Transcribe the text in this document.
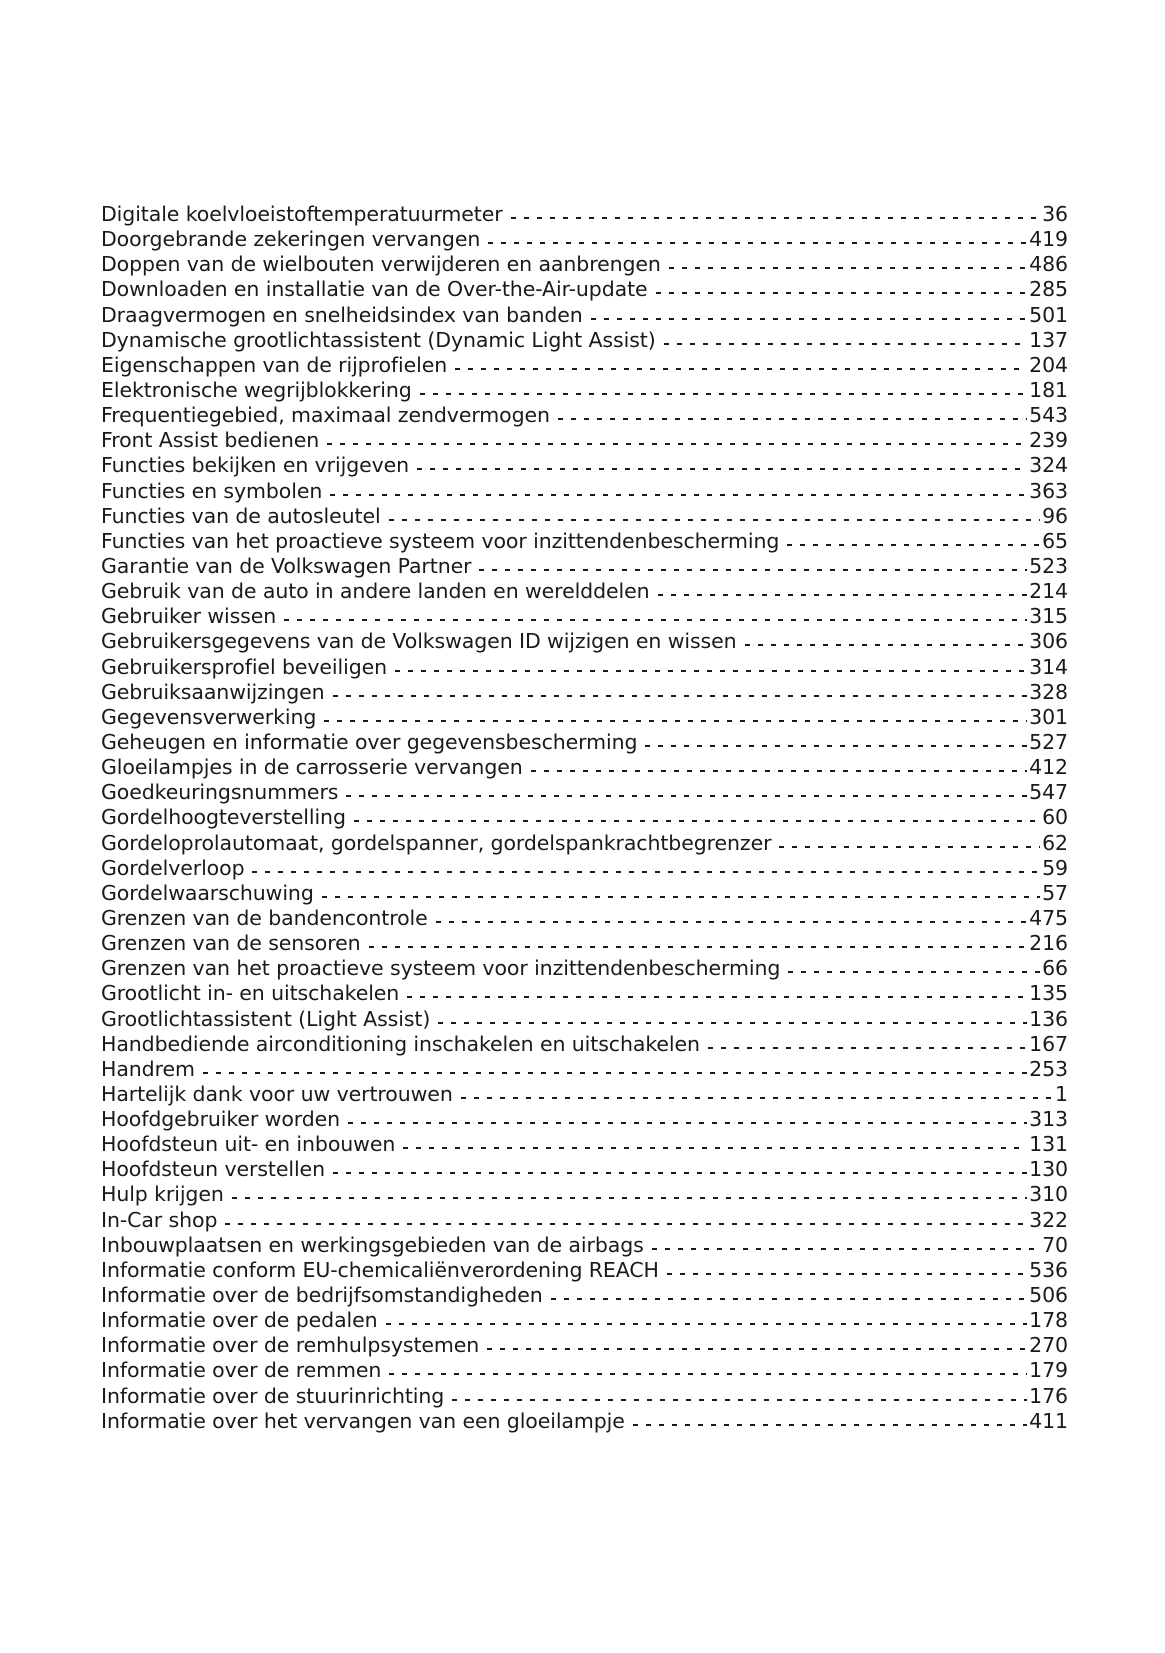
Digitale koelvloeistoftemperatuurmeter	36
Doorgebrande zekeringen vervangen	419
Doppen van de wielbouten verwijderen en aanbrengen	486
Downloaden en installatie van de Over-the-Air-update	285
Draagvermogen en snelheidsindex van banden	501
Dynamische grootlichtassistent (Dynamic Light Assist)	137
Eigenschappen van de rijprofielen	204
Elektronische wegrijblokkering	181
Frequentiegebied, maximaal zendvermogen	543
Front Assist bedienen	239
Functies bekijken en vrijgeven	324
Functies en symbolen	363
Functies van de autosleutel	96
Functies van het proactieve systeem voor inzittendenbescherming	65
Garantie van de Volkswagen Partner	523
Gebruik van de auto in andere landen en werelddelen	214
Gebruiker wissen	315
Gebruikersgegevens van de Volkswagen ID wijzigen en wissen	306
Gebruikersprofiel beveiligen	314
Gebruiksaanwijzingen	328
Gegevensverwerking	301
Geheugen en informatie over gegevensbescherming	527
Gloeilampjes in de carrosserie vervangen	412
Goedkeuringsnummers	547
Gordelhoogteverstelling	60
Gordeloprolautomaat, gordelspanner, gordelspankrachtbegrenzer	62
Gordelverloop	59
Gordelwaarschuwing	57
Grenzen van de bandencontrole	475
Grenzen van de sensoren	216
Grenzen van het proactieve systeem voor inzittendenbescherming	66
Grootlicht in- en uitschakelen	135
Grootlichtassistent (Light Assist)	136
Handbediende airconditioning inschakelen en uitschakelen	167
Handrem	253
Hartelijk dank voor uw vertrouwen	1
Hoofdgebruiker worden	313
Hoofdsteun uit- en inbouwen	131
Hoofdsteun verstellen	130
Hulp krijgen	310
In-Car shop	322
Inbouwplaatsen en werkingsgebieden van de airbags	70
Informatie conform EU-chemicaliënverordening REACH	536
Informatie over de bedrijfsomstandigheden	506
Informatie over de pedalen	178
Informatie over de remhulpsystemen	270
Informatie over de remmen	179
Informatie over de stuurinrichting	176
Informatie over het vervangen van een gloeilampje	411
